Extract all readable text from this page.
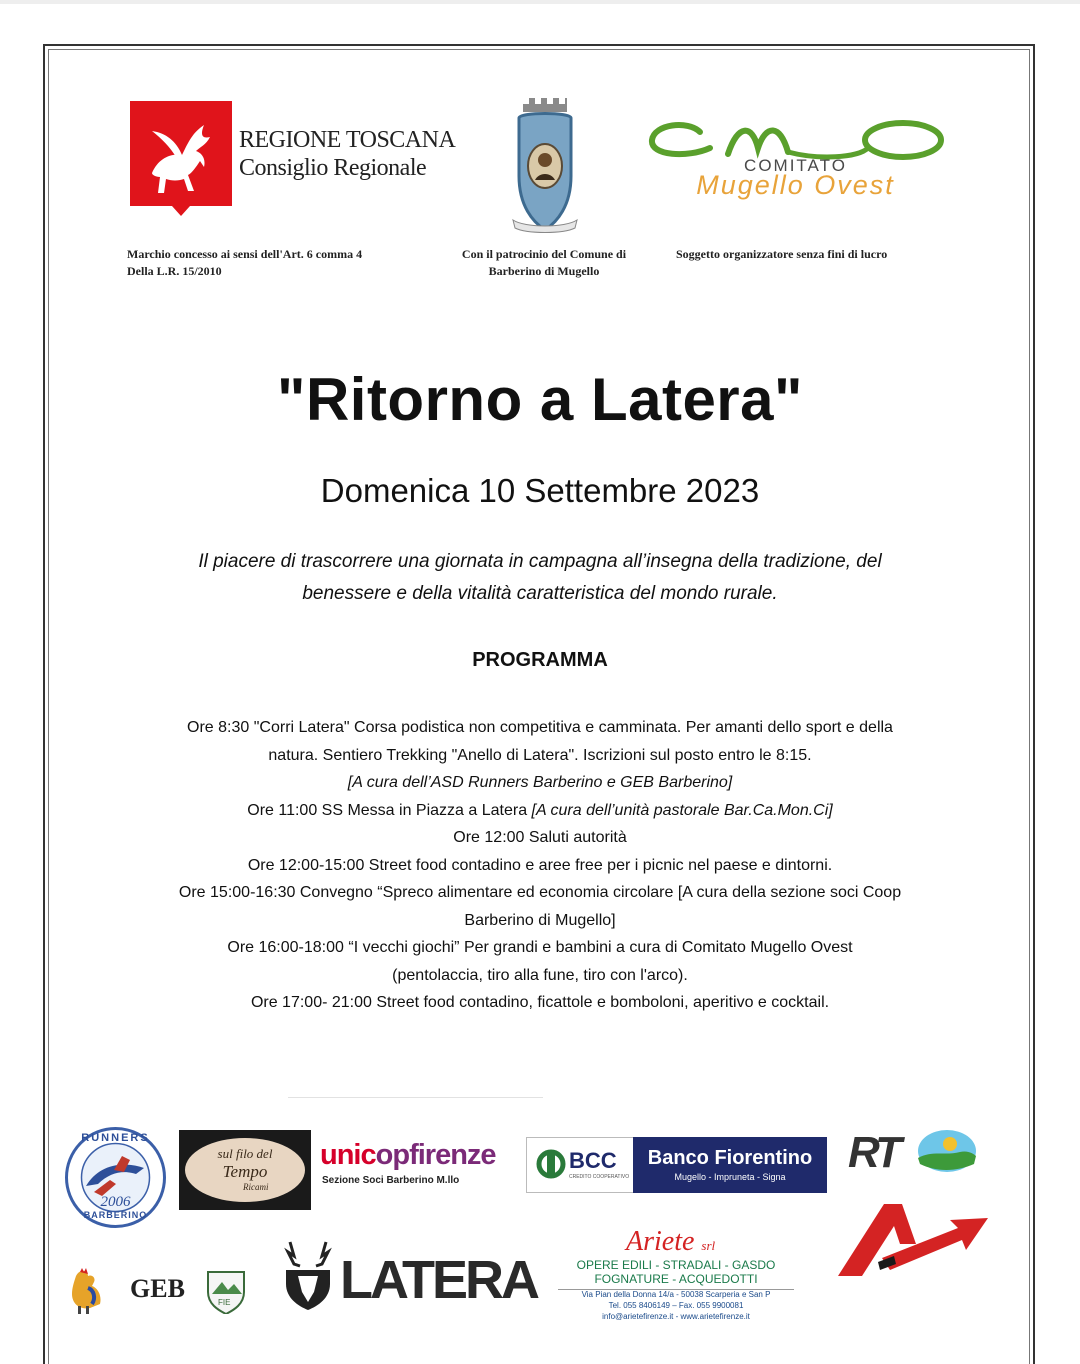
REGIONE TOSCANA
Consiglio Regionale	COMITATO
Mugello Ovest
Marchio concesso ai sensi dell'Art. 6 comma 4
Della L.R. 15/2010
Con il patrocinio del Comune di
Barberino di Mugello
Soggetto organizzatore senza fini di lucro
"Ritorno a Latera"
Domenica 10 Settembre 2023
Il piacere di trascorrere una giornata in campagna all’insegna della tradizione, del
benessere e della vitalità caratteristica del mondo rurale.
PROGRAMMA
Ore 8:30 "Corri Latera" Corsa podistica non competitiva e camminata. Per amanti dello sport e della
natura. Sentiero Trekking "Anello di Latera". Iscrizioni sul posto entro le 8:15.
[A cura dell’ASD Runners Barberino e GEB Barberino]
Ore 11:00 SS Messa in Piazza a Latera [A cura dell’unità pastorale Bar.Ca.Mon.Ci]
Ore 12:00 Saluti autorità
Ore 12:00-15:00 Street food contadino e aree free per i picnic nel paese e dintorni.
Ore 15:00-16:30 Convegno “Spreco alimentare ed economia circolare [A cura della sezione soci Coop
Barberino di Mugello]
Ore 16:00-18:00 “I vecchi giochi” Per grandi e bambini a cura di Comitato Mugello Ovest
(pentolaccia, tiro alla fune, tiro con l'arco).
Ore 17:00- 21:00 Street food contadino, ficattole e bomboloni, aperitivo e cocktail.
RUNNERS
2006
BARBERINO
sul filo del
Tempo
Ricami
unicopfirenze
Sezione Soci Barberino M.llo
BCC
CREDITO COOPERATIVO
Banco Fiorentino
Mugello - Impruneta - Signa	RT
GEB	FIE LATERA
Ariete srl
OPERE EDILI - STRADALI - GASDO
FOGNATURE - ACQUEDOTTI
Via Pian della Donna 14/a - 50038 Scarperia e San P
Tel. 055 8406149 – Fax. 055 9900081
info@arietefirenze.it - www.arietefirenze.it
